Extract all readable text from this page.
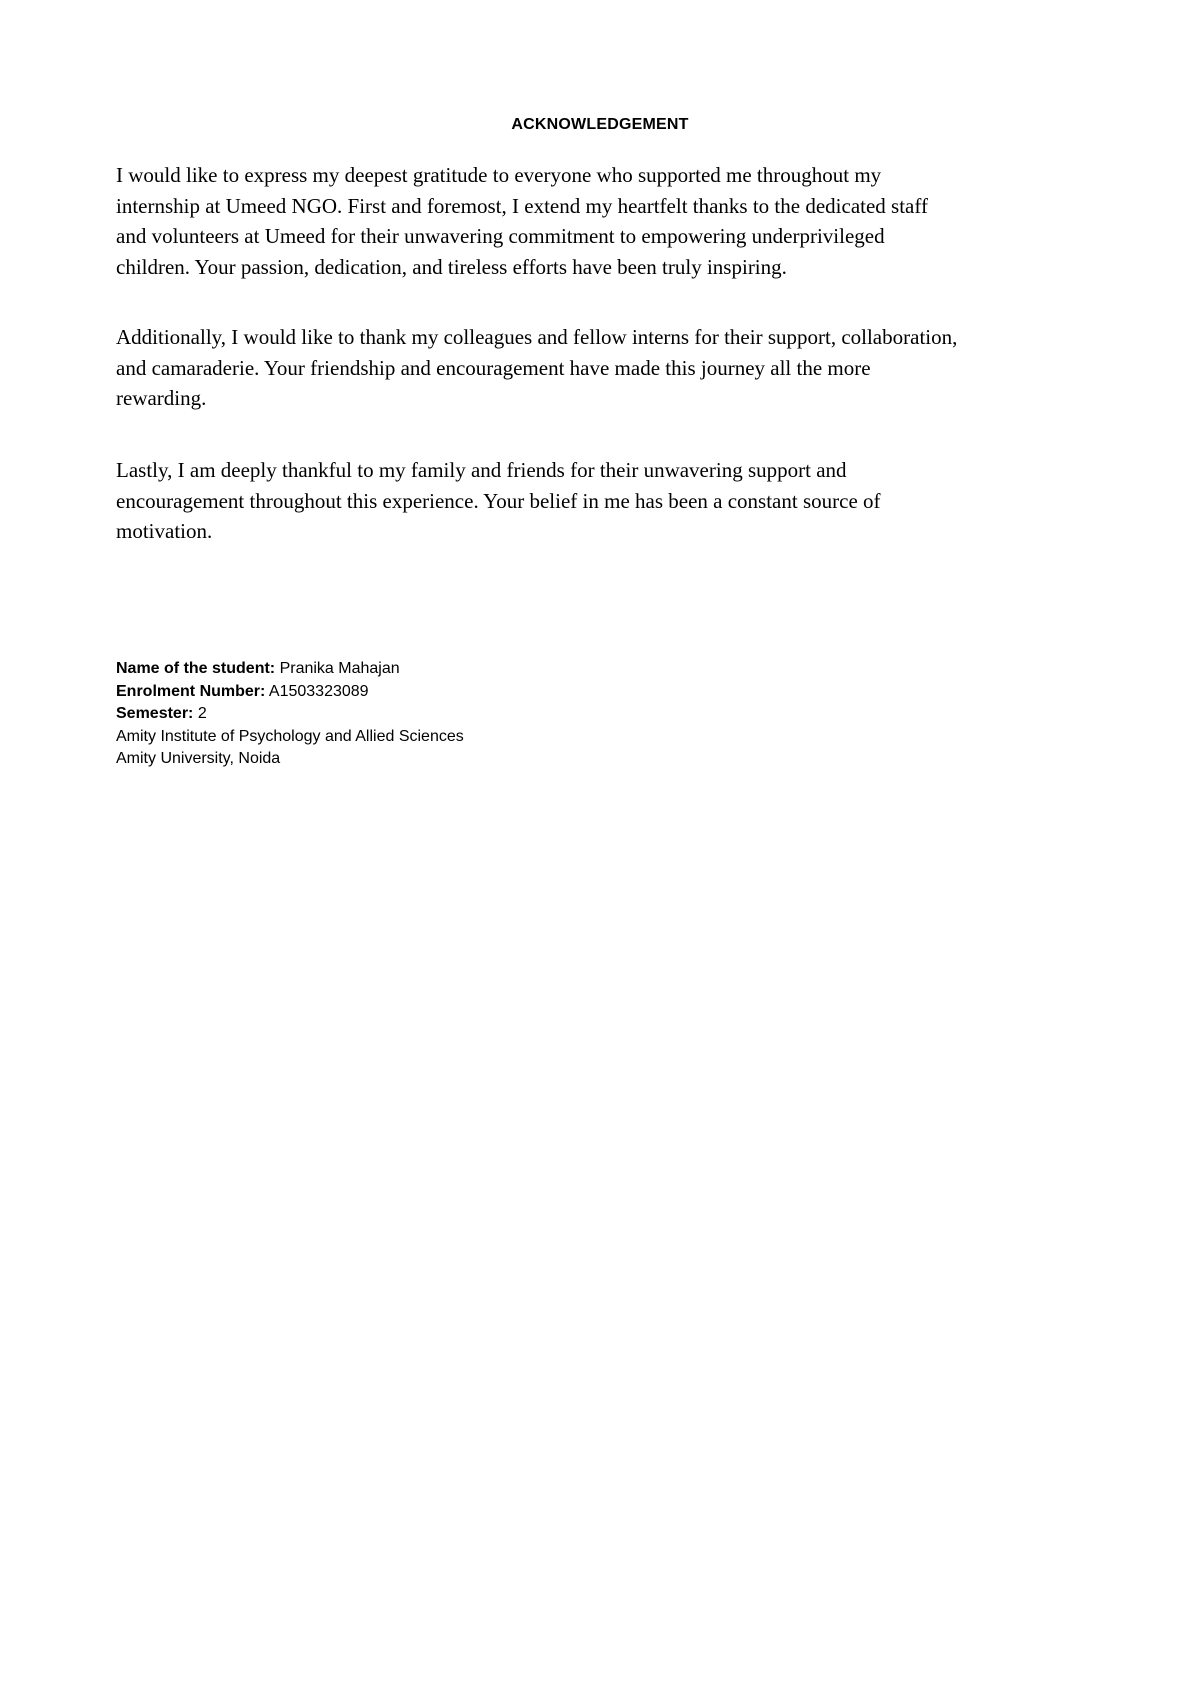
ACKNOWLEDGEMENT

I would like to express my deepest gratitude to everyone who supported me throughout my
internship at Umeed NGO. First and foremost, I extend my heartfelt thanks to the dedicated staff
and volunteers at Umeed for their unwavering commitment to empowering underprivileged
children. Your passion, dedication, and tireless efforts have been truly inspiring.

Additionally, I would like to thank my colleagues and fellow interns for their support, collaboration,
and camaraderie. Your friendship and encouragement have made this journey all the more
rewarding.

Lastly, I am deeply thankful to my family and friends for their unwavering support and
encouragement throughout this experience. Your belief in me has been a constant source of
motivation.

Name of the student: Pranika Mahajan
Enrolment Number: A1503323089
Semester: 2
Amity Institute of Psychology and Allied Sciences
Amity University, Noida
